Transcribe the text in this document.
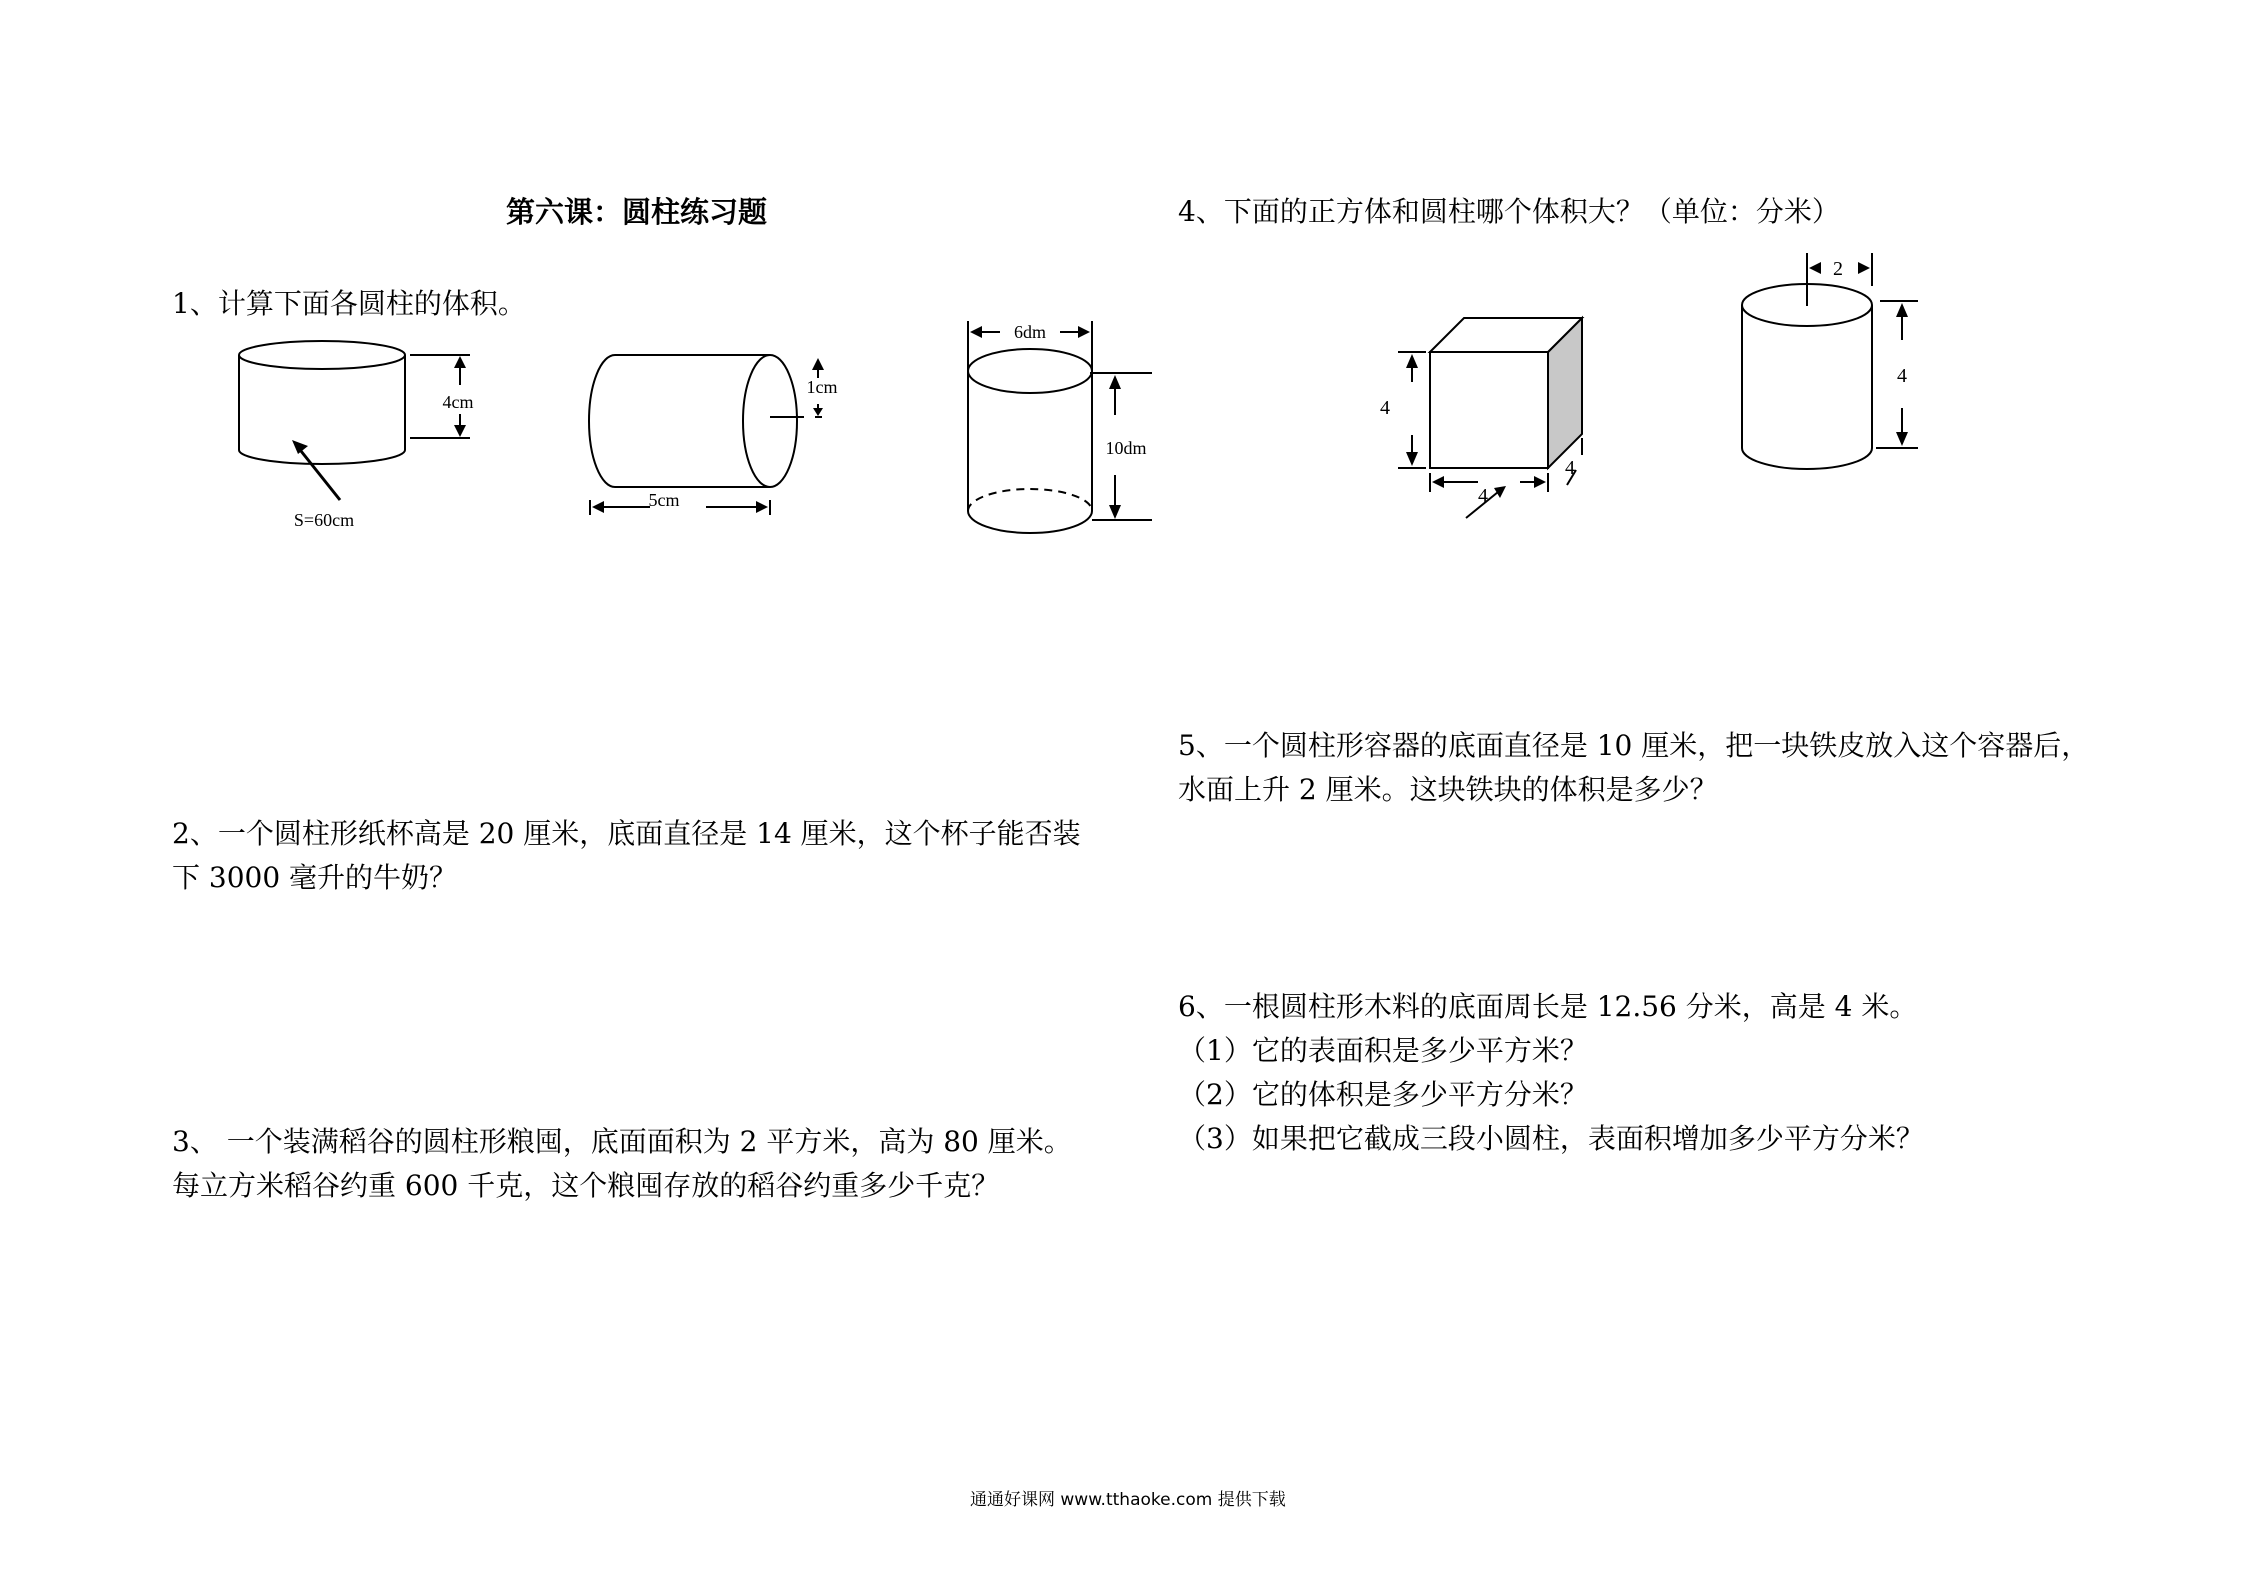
第六课：圆柱练习题
1、计算下面各圆柱的体积。
4cm
S=60cm
1cm
5cm
6dm
10dm
2、一个圆柱形纸杯高是 20 厘米，底面直径是 14 厘米，这个杯子能否装
下 3000 毫升的牛奶？
3、 一个装满稻谷的圆柱形粮囤，底面面积为 2 平方米，高为 80 厘米。
每立方米稻谷约重 600 千克，这个粮囤存放的稻谷约重多少千克？
4、下面的正方体和圆柱哪个体积大？（单位：分米）
4
4
4
2
4
5、一个圆柱形容器的底面直径是 10 厘米，把一块铁皮放入这个容器后，
水面上升 2 厘米。这块铁块的体积是多少？
6、一根圆柱形木料的底面周长是 12.56 分米，高是 4 米。
（1）它的表面积是多少平方米？
（2）它的体积是多少平方分米？
（3）如果把它截成三段小圆柱，表面积增加多少平方分米？
通通好课网 www.tthaoke.com 提供下载
